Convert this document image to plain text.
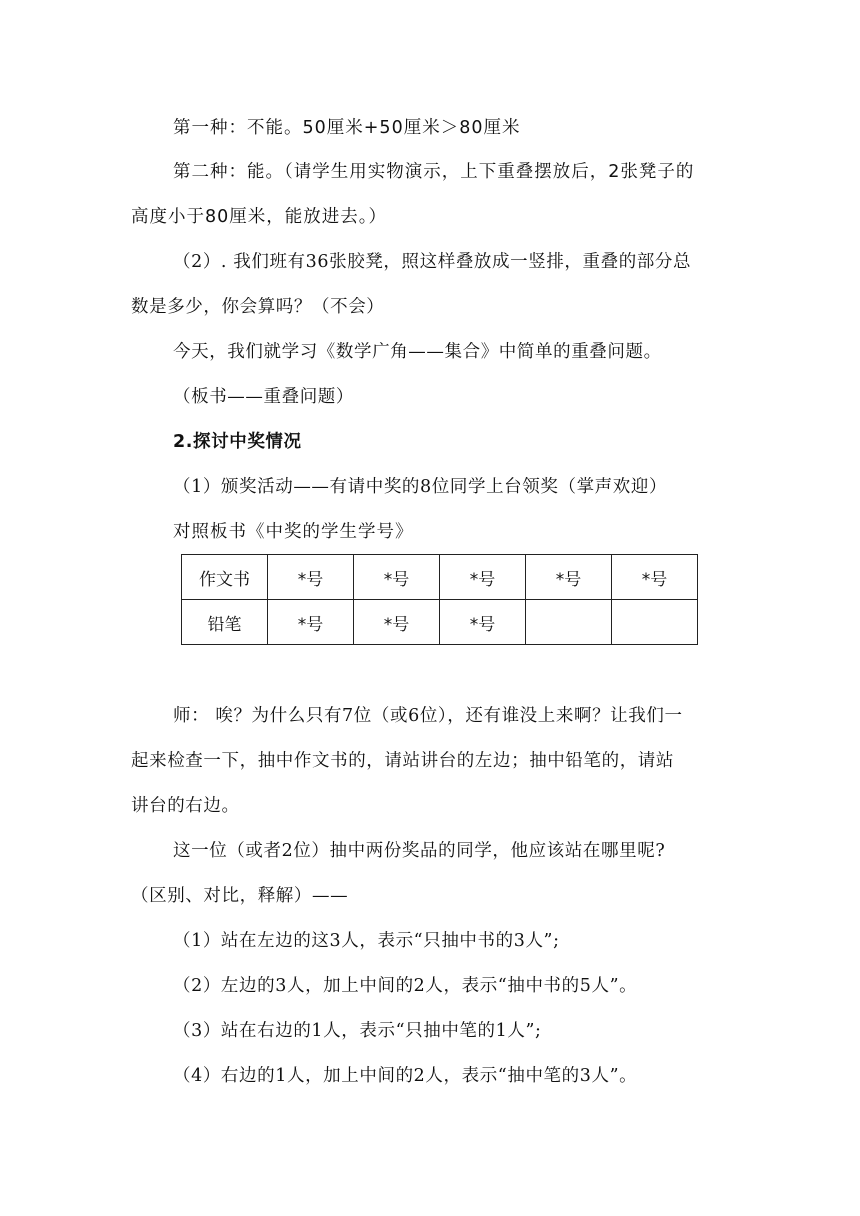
第一种：不能。50厘米+50厘米＞80厘米
第二种：能。（请学生用实物演示，上下重叠摆放后，2张凳子的
高度小于80厘米，能放进去。）
（2）. 我们班有36张胶凳，照这样叠放成一竖排，重叠的部分总
数是多少，你会算吗？（不会）
今天，我们就学习《数学广角——集合》中简单的重叠问题。
（板书——重叠问题）
2.探讨中奖情况
（1）颁奖活动——有请中奖的8位同学上台领奖（掌声欢迎）
对照板书《中奖的学生学号》
作文书	*号	*号	*号	*号	*号
铅笔	*号	*号	*号		
师： 唉？为什么只有7位（或6位），还有谁没上来啊？让我们一
起来检查一下，抽中作文书的，请站讲台的左边；抽中铅笔的，请站
讲台的右边。
这一位（或者2位）抽中两份奖品的同学，他应该站在哪里呢?
（区别、对比，释解）——
（1）站在左边的这3人，表示“只抽中书的3人”;
（2）左边的3人，加上中间的2人，表示“抽中书的5人”。
（3）站在右边的1人，表示“只抽中笔的1人”;
（4）右边的1人，加上中间的2人，表示“抽中笔的3人”。
